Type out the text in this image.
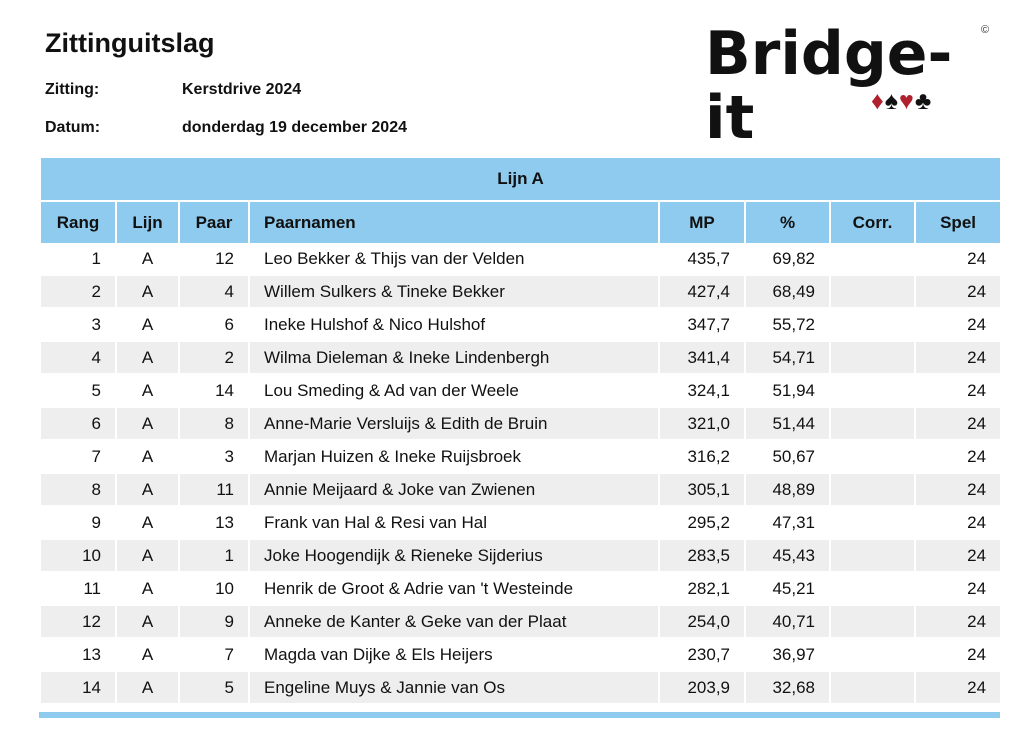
Zittinguitslag
Zitting:	Kerstdrive 2024
Datum:	donderdag 19 december 2024
Bridge-it
©
♦♠♥♣
Lijn A							
Rang	Lijn	Paar	Paarnamen	MP	%	Corr.	Spel
1	A	12	Leo Bekker & Thijs van der Velden	435,7	69,82		24
2	A	4	Willem Sulkers & Tineke Bekker	427,4	68,49		24
3	A	6	Ineke Hulshof & Nico Hulshof	347,7	55,72		24
4	A	2	Wilma Dieleman & Ineke Lindenbergh	341,4	54,71		24
5	A	14	Lou Smeding & Ad van der Weele	324,1	51,94		24
6	A	8	Anne-Marie Versluijs & Edith de Bruin	321,0	51,44		24
7	A	3	Marjan Huizen & Ineke Ruijsbroek	316,2	50,67		24
8	A	11	Annie Meijaard & Joke van Zwienen	305,1	48,89		24
9	A	13	Frank van Hal & Resi van Hal	295,2	47,31		24
10	A	1	Joke Hoogendijk & Rieneke Sijderius	283,5	45,43		24
11	A	10	Henrik de Groot & Adrie van 't Westeinde	282,1	45,21		24
12	A	9	Anneke de Kanter & Geke van der Plaat	254,0	40,71		24
13	A	7	Magda van Dijke & Els Heijers	230,7	36,97		24
14	A	5	Engeline Muys & Jannie van Os	203,9	32,68		24
